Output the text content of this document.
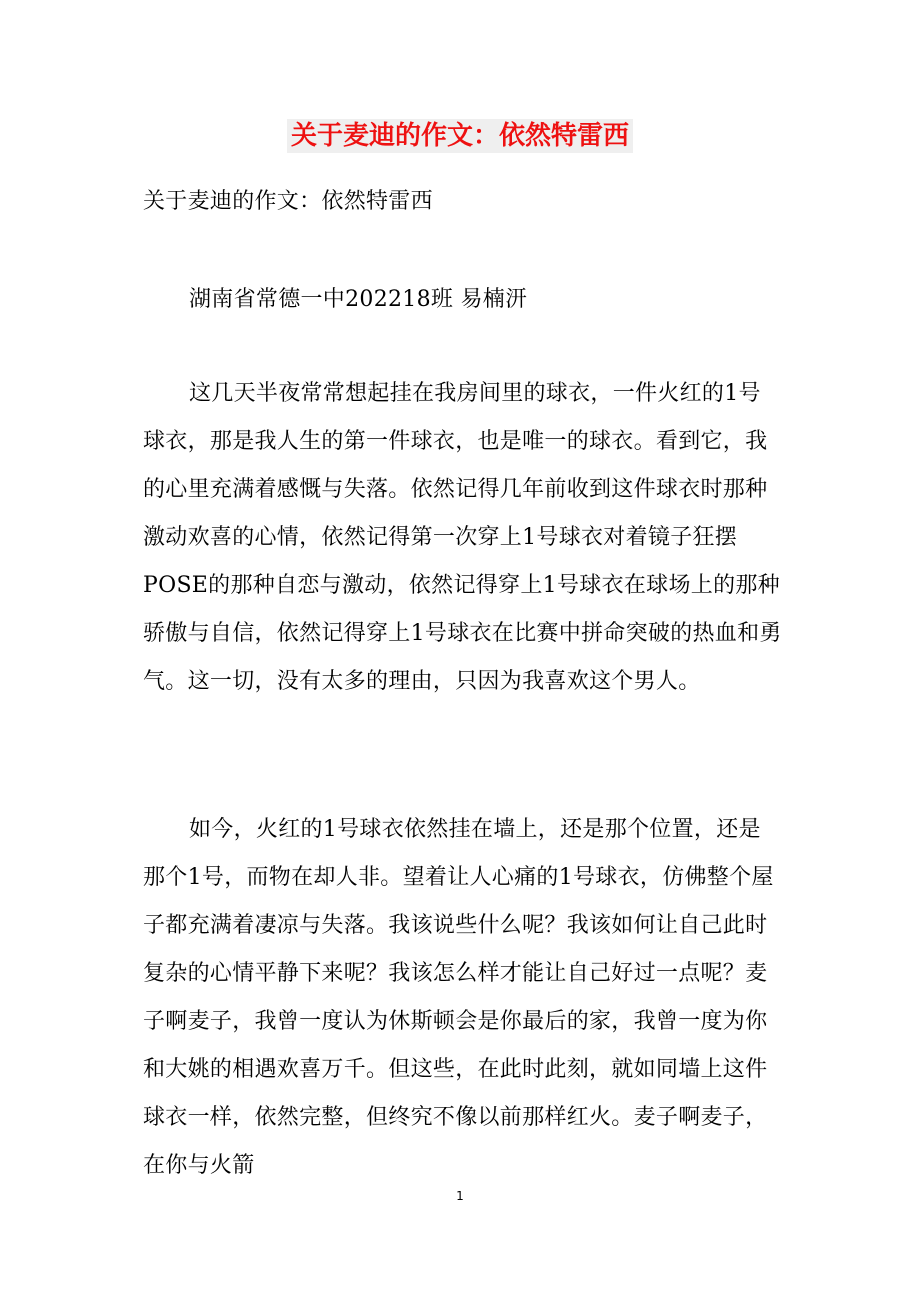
关于麦迪的作文：依然特雷西
关于麦迪的作文：依然特雷西
湖南省常德一中202218班 易楠汧

这几天半夜常常想起挂在我房间里的球衣，一件火红的1号球衣，那是我人生的第一件球衣，也是唯一的球衣。看到它，我的心里充满着感慨与失落。依然记得几年前收到这件球衣时那种激动欢喜的心情，依然记得第一次穿上1号球衣对着镜子狂摆POSE的那种自恋与激动，依然记得穿上1号球衣在球场上的那种骄傲与自信，依然记得穿上1号球衣在比赛中拼命突破的热血和勇气。这一切，没有太多的理由，只因为我喜欢这个男人。

如今，火红的1号球衣依然挂在墙上，还是那个位置，还是那个1号，而物在却人非。望着让人心痛的1号球衣，仿佛整个屋子都充满着凄凉与失落。我该说些什么呢？我该如何让自己此时复杂的心情平静下来呢？我该怎么样才能让自己好过一点呢？麦子啊麦子，我曾一度认为休斯顿会是你最后的家，我曾一度为你和大姚的相遇欢喜万千。但这些，在此时此刻，就如同墙上这件球衣一样，依然完整，但终究不像以前那样红火。麦子啊麦子，在你与火箭

1
